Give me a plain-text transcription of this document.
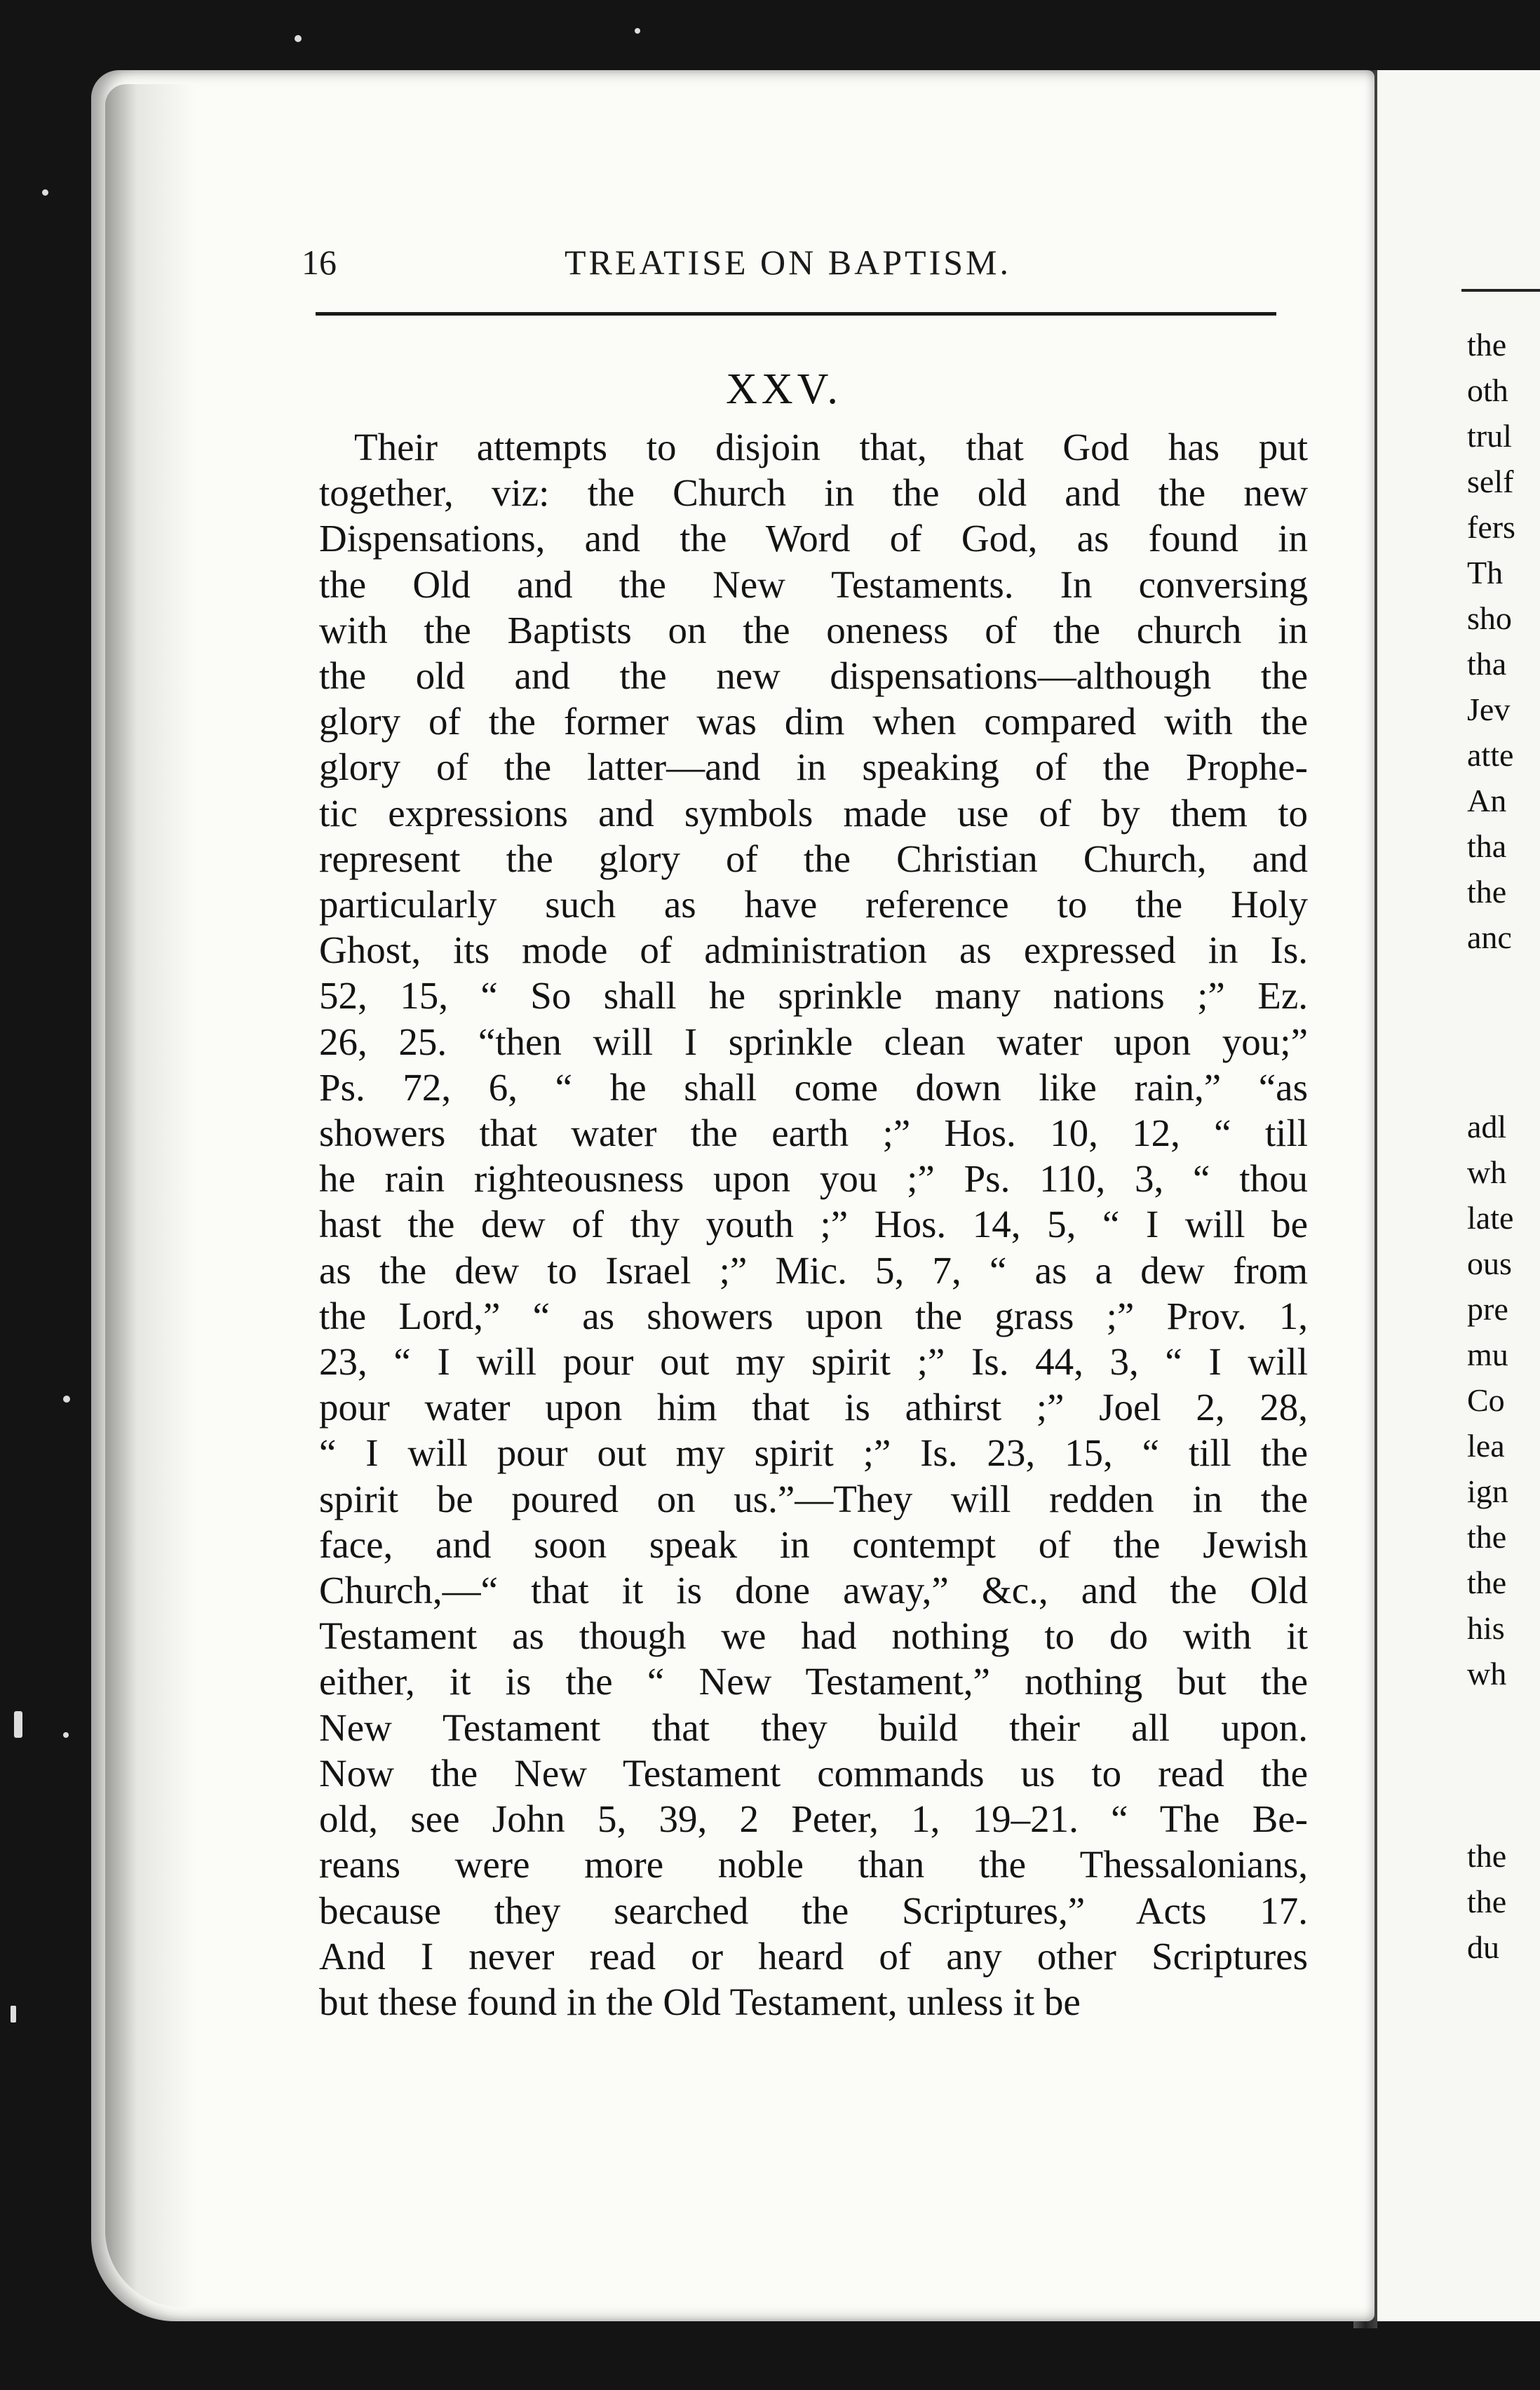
the
oth
trul
self
fers
Th
sho
tha
Jev
atte
An
tha
the
anc
adl
wh
late
ous
pre
mu
Co
lea
ign
the
the
his
wh
the
the
du
16	TREATISE ON BAPTISM.
XXV.
Their attempts to disjoin that, that God has put
together, viz: the Church in the old and the new
Dispensations, and the Word of God, as found in
the Old and the New Testaments. In conversing
with the Baptists on the oneness of the church in
the old and the new dispensations—although the
glory of the former was dim when compared with the
glory of the latter—and in speaking of the Prophe-
tic expressions and symbols made use of by them to
represent the glory of the Christian Church, and
particularly such as have reference to the Holy
Ghost, its mode of administration as expressed in Is.
52, 15, “ So shall he sprinkle many nations ;” Ez.
26, 25. “then will I sprinkle clean water upon you;”
Ps. 72, 6, “ he shall come down like rain,” “as
showers that water the earth ;” Hos. 10, 12, “ till
he rain righteousness upon you ;” Ps. 110, 3, “ thou
hast the dew of thy youth ;” Hos. 14, 5, “ I will be
as the dew to Israel ;” Mic. 5, 7, “ as a dew from
the Lord,” “ as showers upon the grass ;” Prov. 1,
23, “ I will pour out my spirit ;” Is. 44, 3, “ I will
pour water upon him that is athirst ;” Joel 2, 28,
“ I will pour out my spirit ;” Is. 23, 15, “ till the
spirit be poured on us.”—They will redden in the
face, and soon speak in contempt of the Jewish
Church,—“ that it is done away,” &c., and the Old
Testament as though we had nothing to do with it
either, it is the “ New Testament,” nothing but the
New Testament that they build their all upon.
Now the New Testament commands us to read the
old, see John 5, 39, 2 Peter, 1, 19–21. “ The Be-
reans were more noble than the Thessalonians,
because they searched the Scriptures,” Acts 17.
And I never read or heard of any other Scriptures
but these found in the Old Testament, unless it be
